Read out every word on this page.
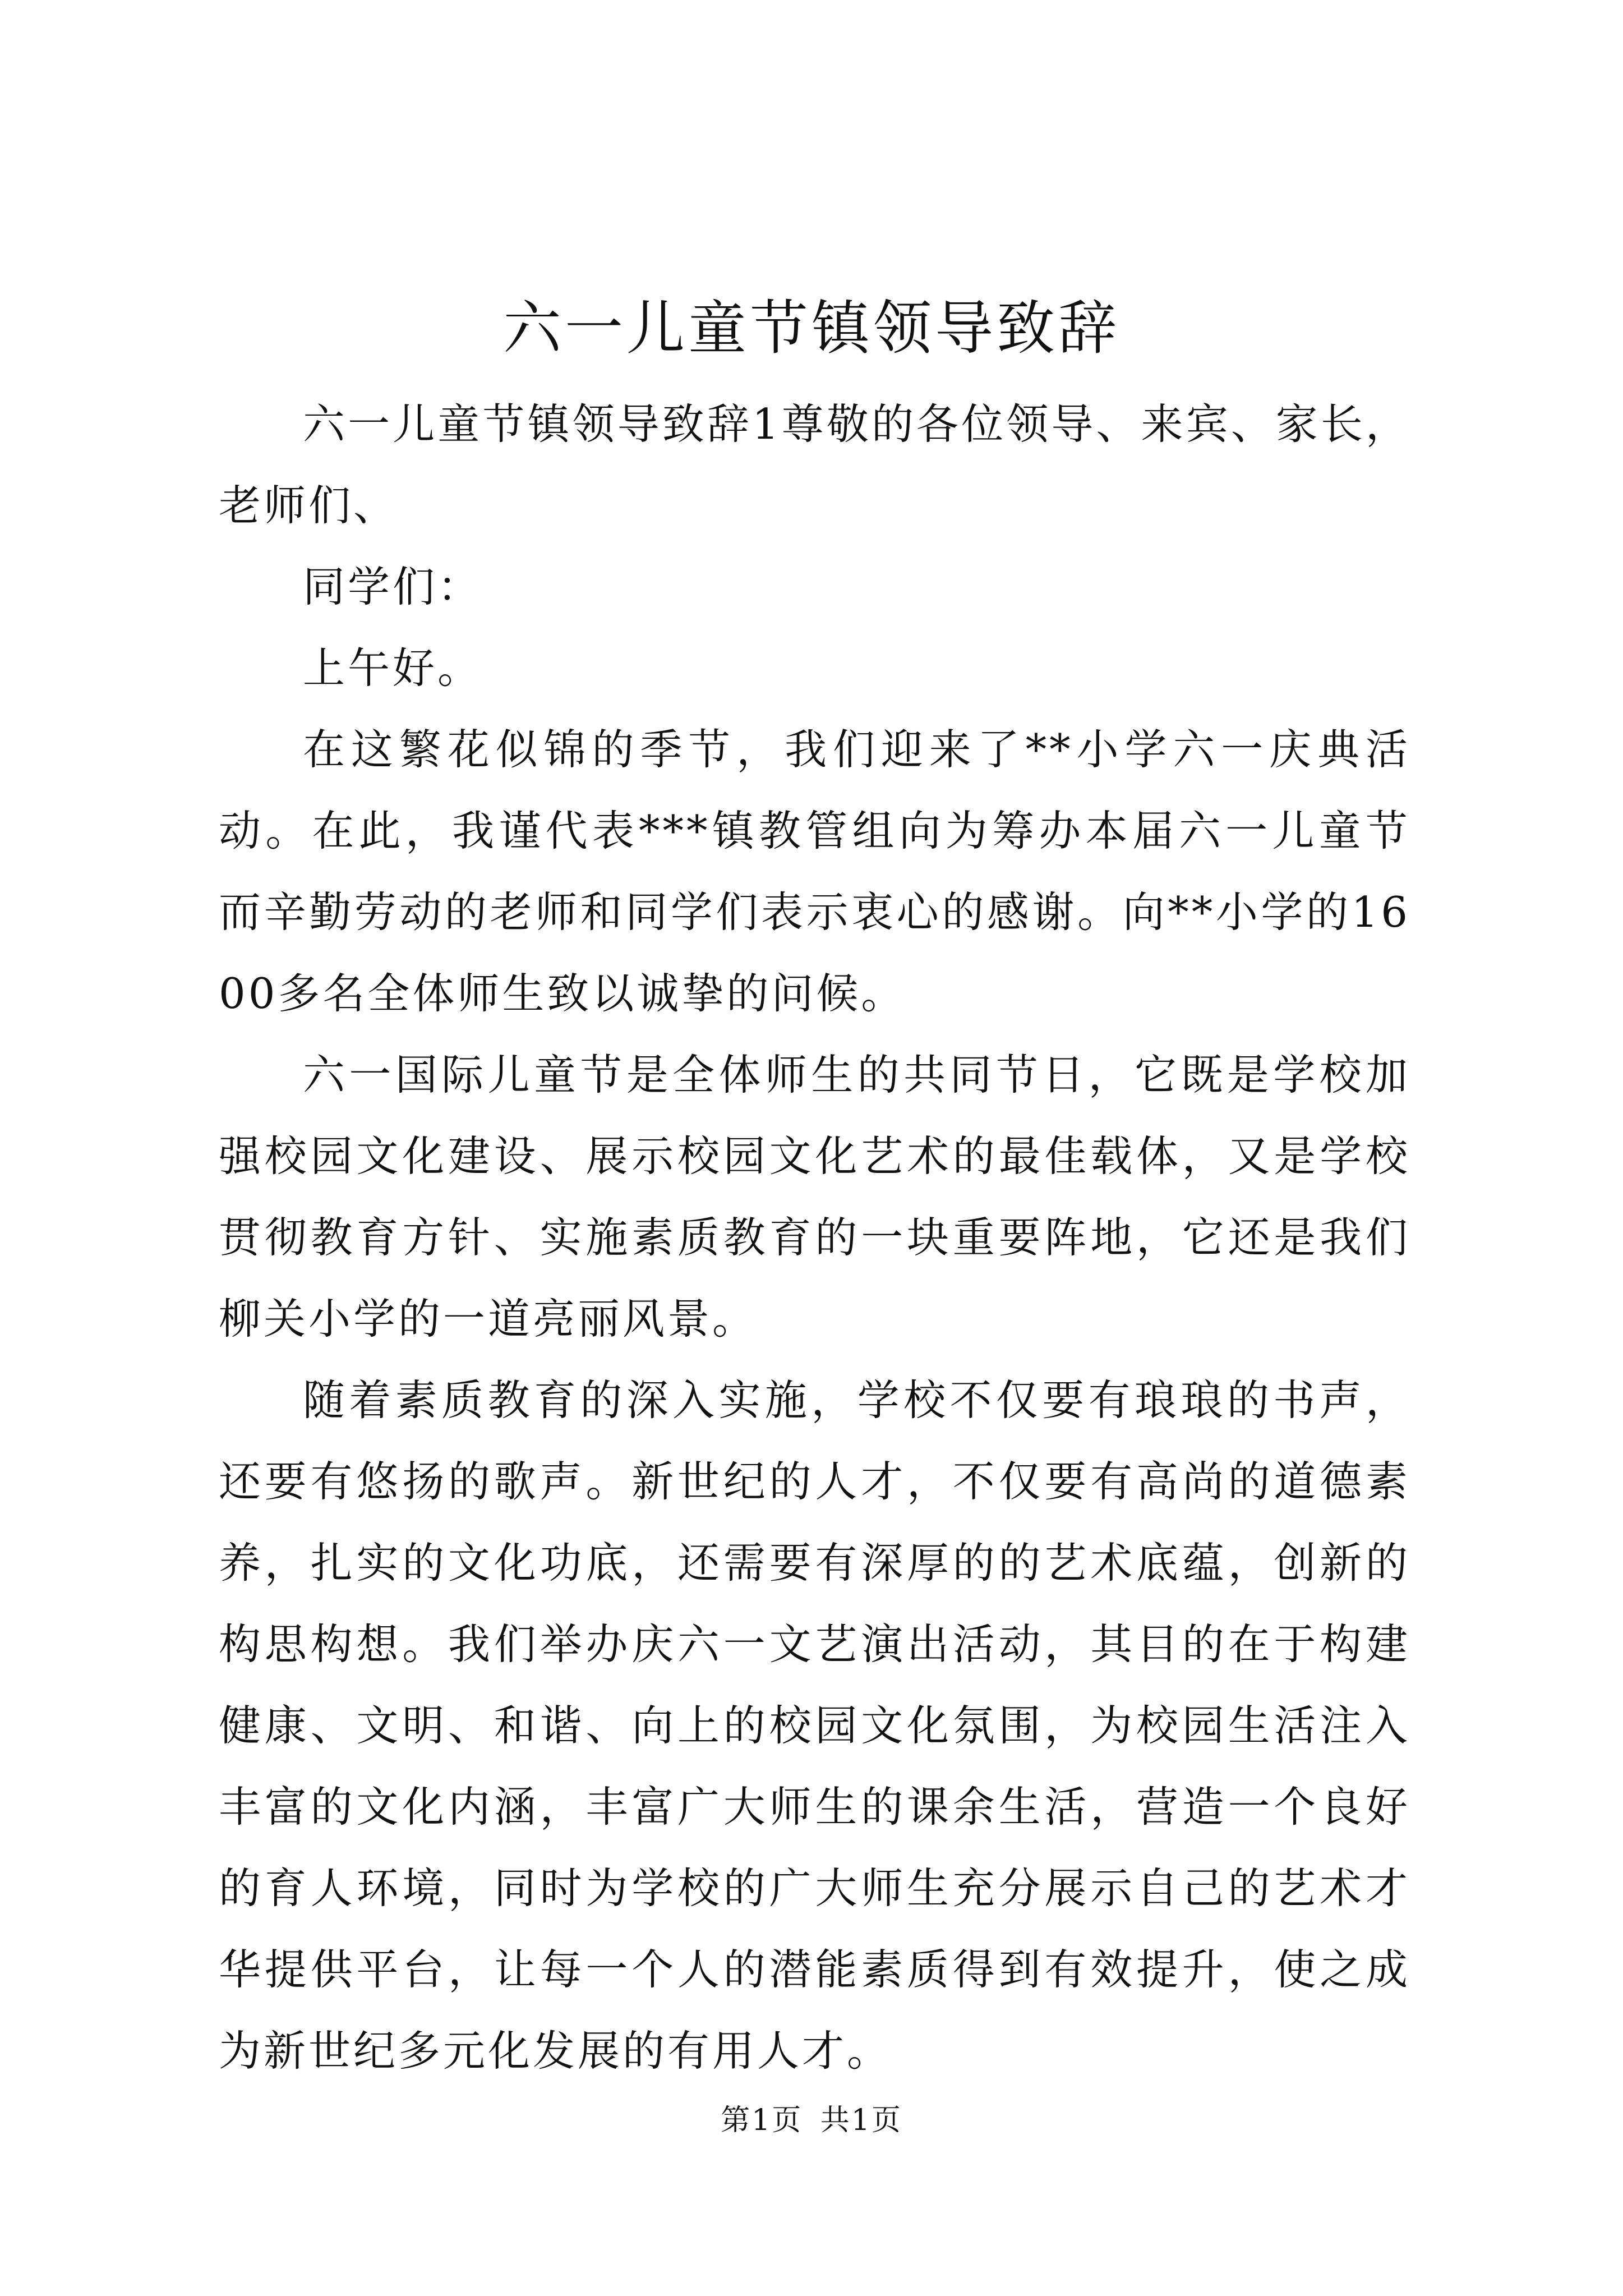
六一儿童节镇领导致辞

六一儿童节镇领导致辞1尊敬的各位领导、来宾、家长，老师们、

同学们：

上午好。

在这繁花似锦的季节，我们迎来了**小学六一庆典活动。在此，我谨代表***镇教管组向为筹办本届六一儿童节而辛勤劳动的老师和同学们表示衷心的感谢。向**小学的1600多名全体师生致以诚挚的问候。

六一国际儿童节是全体师生的共同节日，它既是学校加强校园文化建设、展示校园文化艺术的最佳载体，又是学校贯彻教育方针、实施素质教育的一块重要阵地，它还是我们柳关小学的一道亮丽风景。

随着素质教育的深入实施，学校不仅要有琅琅的书声，还要有悠扬的歌声。新世纪的人才，不仅要有高尚的道德素养，扎实的文化功底，还需要有深厚的的艺术底蕴，创新的构思构想。我们举办庆六一文艺演出活动，其目的在于构建健康、文明、和谐、向上的校园文化氛围，为校园生活注入丰富的文化内涵，丰富广大师生的课余生活，营造一个良好的育人环境，同时为学校的广大师生充分展示自己的艺术才华提供平台，让每一个人的潜能素质得到有效提升，使之成为新世纪多元化发展的有用人才。

第1页 共1页
